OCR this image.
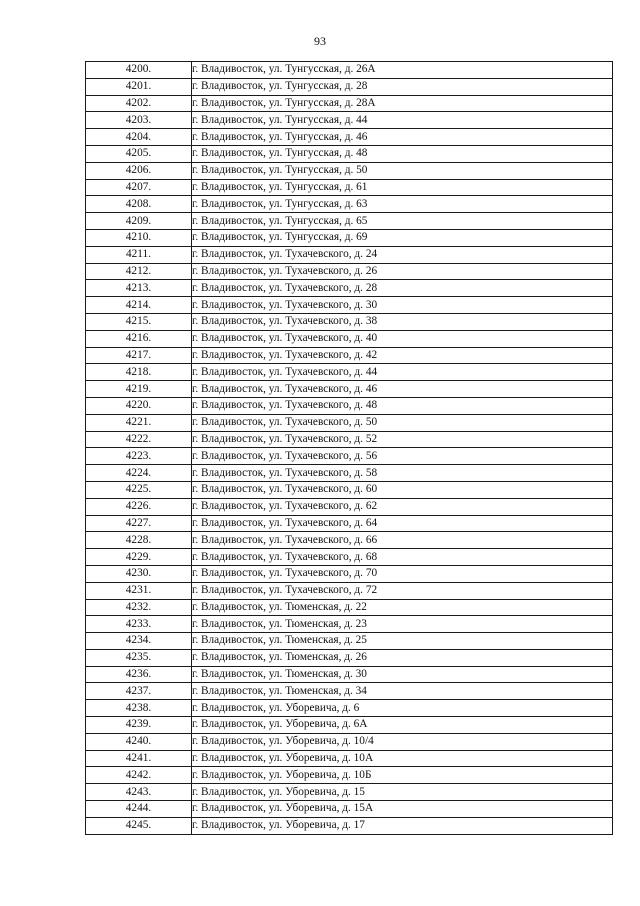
93
4200.	г. Владивосток, ул. Тунгусская, д. 26А
4201.	г. Владивосток, ул. Тунгусская, д. 28
4202.	г. Владивосток, ул. Тунгусская, д. 28А
4203.	г. Владивосток, ул. Тунгусская, д. 44
4204.	г. Владивосток, ул. Тунгусская, д. 46
4205.	г. Владивосток, ул. Тунгусская, д. 48
4206.	г. Владивосток, ул. Тунгусская, д. 50
4207.	г. Владивосток, ул. Тунгусская, д. 61
4208.	г. Владивосток, ул. Тунгусская, д. 63
4209.	г. Владивосток, ул. Тунгусская, д. 65
4210.	г. Владивосток, ул. Тунгусская, д. 69
4211.	г. Владивосток, ул. Тухачевского, д. 24
4212.	г. Владивосток, ул. Тухачевского, д. 26
4213.	г. Владивосток, ул. Тухачевского, д. 28
4214.	г. Владивосток, ул. Тухачевского, д. 30
4215.	г. Владивосток, ул. Тухачевского, д. 38
4216.	г. Владивосток, ул. Тухачевского, д. 40
4217.	г. Владивосток, ул. Тухачевского, д. 42
4218.	г. Владивосток, ул. Тухачевского, д. 44
4219.	г. Владивосток, ул. Тухачевского, д. 46
4220.	г. Владивосток, ул. Тухачевского, д. 48
4221.	г. Владивосток, ул. Тухачевского, д. 50
4222.	г. Владивосток, ул. Тухачевского, д. 52
4223.	г. Владивосток, ул. Тухачевского, д. 56
4224.	г. Владивосток, ул. Тухачевского, д. 58
4225.	г. Владивосток, ул. Тухачевского, д. 60
4226.	г. Владивосток, ул. Тухачевского, д. 62
4227.	г. Владивосток, ул. Тухачевского, д. 64
4228.	г. Владивосток, ул. Тухачевского, д. 66
4229.	г. Владивосток, ул. Тухачевского, д. 68
4230.	г. Владивосток, ул. Тухачевского, д. 70
4231.	г. Владивосток, ул. Тухачевского, д. 72
4232.	г. Владивосток, ул. Тюменская, д. 22
4233.	г. Владивосток, ул. Тюменская, д. 23
4234.	г. Владивосток, ул. Тюменская, д. 25
4235.	г. Владивосток, ул. Тюменская, д. 26
4236.	г. Владивосток, ул. Тюменская, д. 30
4237.	г. Владивосток, ул. Тюменская, д. 34
4238.	г. Владивосток, ул. Уборевича, д. 6
4239.	г. Владивосток, ул. Уборевича, д. 6А
4240.	г. Владивосток, ул. Уборевича, д. 10/4
4241.	г. Владивосток, ул. Уборевича, д. 10А
4242.	г. Владивосток, ул. Уборевича, д. 10Б
4243.	г. Владивосток, ул. Уборевича, д. 15
4244.	г. Владивосток, ул. Уборевича, д. 15А
4245.	г. Владивосток, ул. Уборевича, д. 17
